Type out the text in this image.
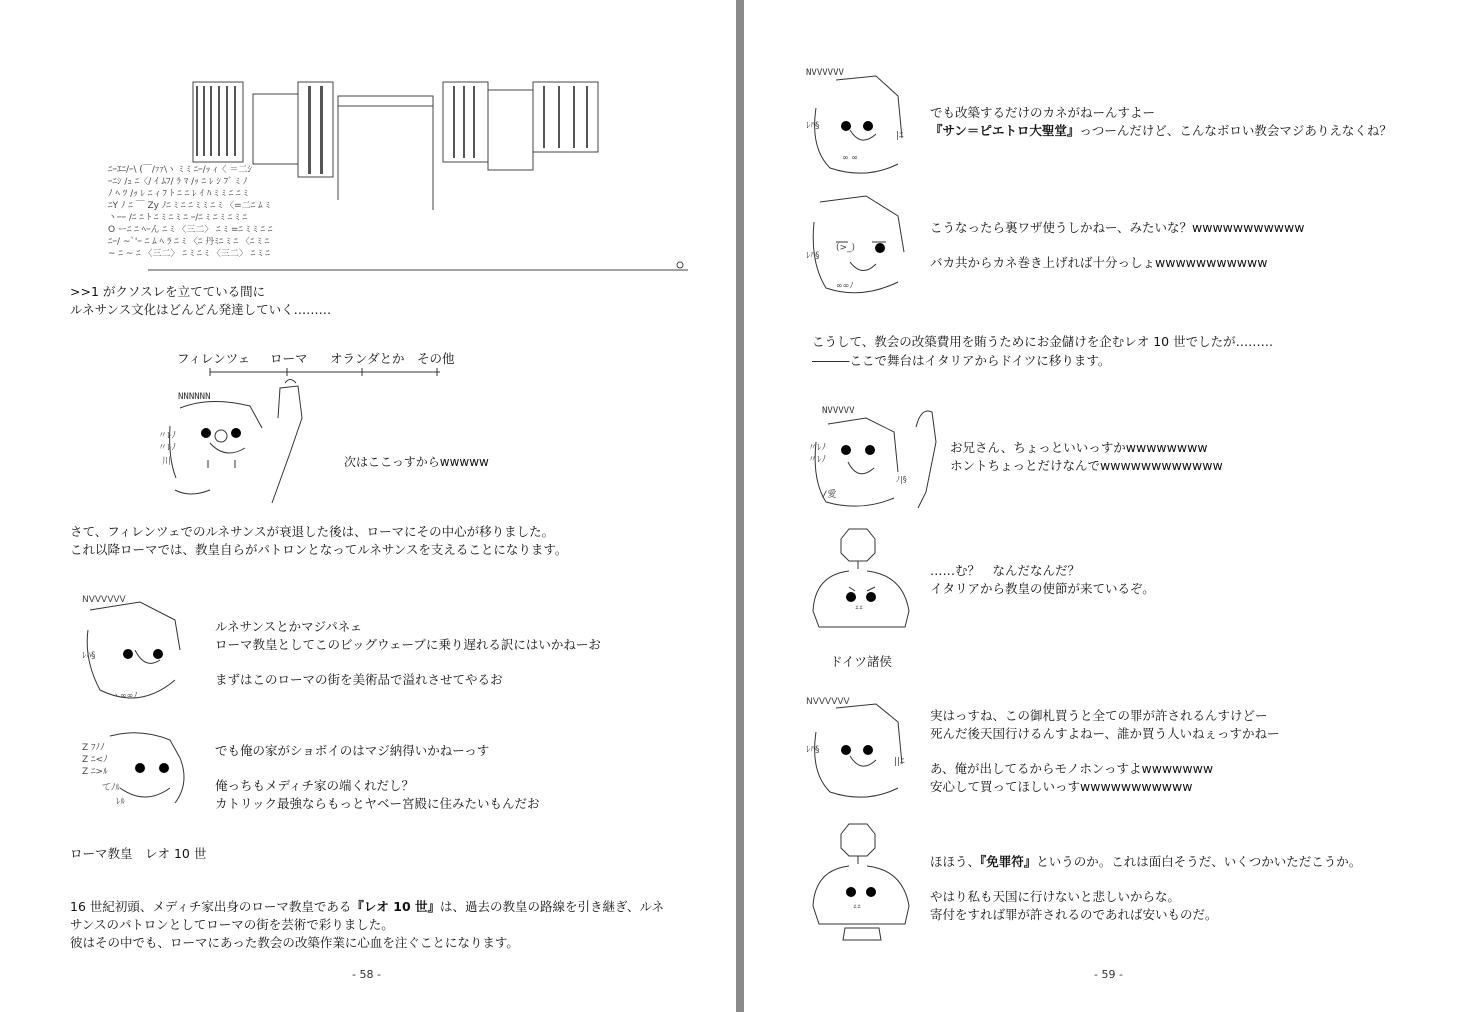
ﾆｰｴﾆ/ｰ\ (￣/ｧｧ\ヽ ﾐ ﾐ ﾆｰ/ｯ ｨ〈 ＝二ｼ
ｰﾆｼ /ｭ ﾆ〈/ ｲ ﾑﾌ/ ﾗ ﾏ /ｯ ﾆ ﾚ ｼ ﾌﾞ ﾐ ﾉ
ﾉ ﾍ ﾂ /ｯ ﾚ ﾆ ｨ ﾌ ﾄ ﾆ ﾆ ﾚ ｲ ﾊ ﾐ ﾐ ﾆ ﾆ ﾐ
ﾆY ﾉ ﾆ ￣ Zy ﾉﾆ ﾐ ﾆ ﾆ ﾐ ﾐ ﾆ ﾐ 〈=二ﾆ ﾑ ﾐ
丶ｰｰ /ﾆ ﾆ ﾄ ﾆ ﾐ ﾆ ﾐ ﾆ ｰ/ﾆ ﾐ ﾆ ﾐ ﾆ ﾐ ﾆ
O ーﾆ ﾆ ﾍｰん ﾆ ﾐ 〈三二〉 ﾆ ﾐ =ﾆ ﾐ ﾐ ﾆ ﾆ
ﾆｰ/ ~`'ｰ ﾆ ﾑ ﾍ ﾗ ﾆ ﾐ 〈ﾆ 丹ﾐﾆ ﾐ ﾆ 〈ﾆ ﾐ ﾆ
~ ﾆ ~ ﾆ 〈三二〉 ﾆ ﾐ ﾆ ﾐ 〈三二〉 ﾆ ﾐ ﾆ

>>1 がクソスレを立てている間に
ルネサンス文化はどんどん発達していく………
フィレンツェ ローマ オランダとか その他
NNNNNN
〃ﾚﾉ
〃ﾚﾉ
川	次はここっすからwwwww
さて、フィレンツェでのルネサンスが衰退した後は、ローマにその中心が移りました。
これ以降ローマでは、教皇自らがパトロンとなってルネサンスを支えることになります。
NVVVVVV
ﾚﾊ§
ヽ∞∞ﾉ
ルネサンスとかマジパネェ
ローマ教皇としてこのビッグウェーブに乗り遅れる訳にはいかねーお
まずはこのローマの街を美術品で溢れさせてやるお
Z ﾌﾉﾉ
Z ﾆ<ﾉ
Z ﾆ>ﾙ
てﾉﾙ
ﾚﾙ
でも俺の家がショボイのはマジ納得いかねーっす
俺っちもメディチ家の端くれだし？
カトリック最強ならもっとヤベー宮殿に住みたいもんだお
ローマ教皇　レオ 10 世
16 世紀初頭、メディチ家出身のローマ教皇である『レオ 10 世』は、過去の教皇の路線を引き継ぎ、ルネ
サンスのパトロンとしてローマの街を芸術で彩りました。
彼はその中でも、ローマにあった教会の改築作業に心血を注ぐことになります。
- 58 -
NVVVVVV
ﾚﾊ§
|ﾆ
∞ ∞
でも改築するだけのカネがねーんすよー
『サン＝ピエトロ大聖堂』っつーんだけど、こんなボロい教会マジありえなくね？
(>_)
ﾚﾊ§
∞∞ﾉ
こうなったら裏ワザ使うしかねー、みたいな？wwwwwwwwwww
バカ共からカネ巻き上げれば十分っしょwwwwwwwwwww
こうして、教会の改築費用を賄うためにお金儲けを企むレオ 10 世でしたが………
―――ここで舞台はイタリアからドイツに移ります。
NVVVVV
〃ﾚﾉ
〃ﾚﾉ
ﾉ|§
/愛
お兄さん、ちょっといいっすかwwwwwwww
ホントちょっとだけなんでwwwwwwwwwwww
ｪｪ
……む？　なんだなんだ？
イタリアから教皇の使節が来ているぞ。
ドイツ諸侯
NVVVVVV
ﾚﾊ§
||ﾆ
実はっすね、この御札買うと全ての罪が許されるんすけどー
死んだ後天国行けるんすよねー、誰か買う人いねぇっすかねー
あ、俺が出してるからモノホンっすよwwwwwww
安心して買ってほしいっすwwwwwwwwwww
ｪｪ
ほほう、『免罪符』というのか。これは面白そうだ、いくつかいただこうか。
やはり私も天国に行けないと悲しいからな。
寄付をすれば罪が許されるのであれば安いものだ。
- 59 -
